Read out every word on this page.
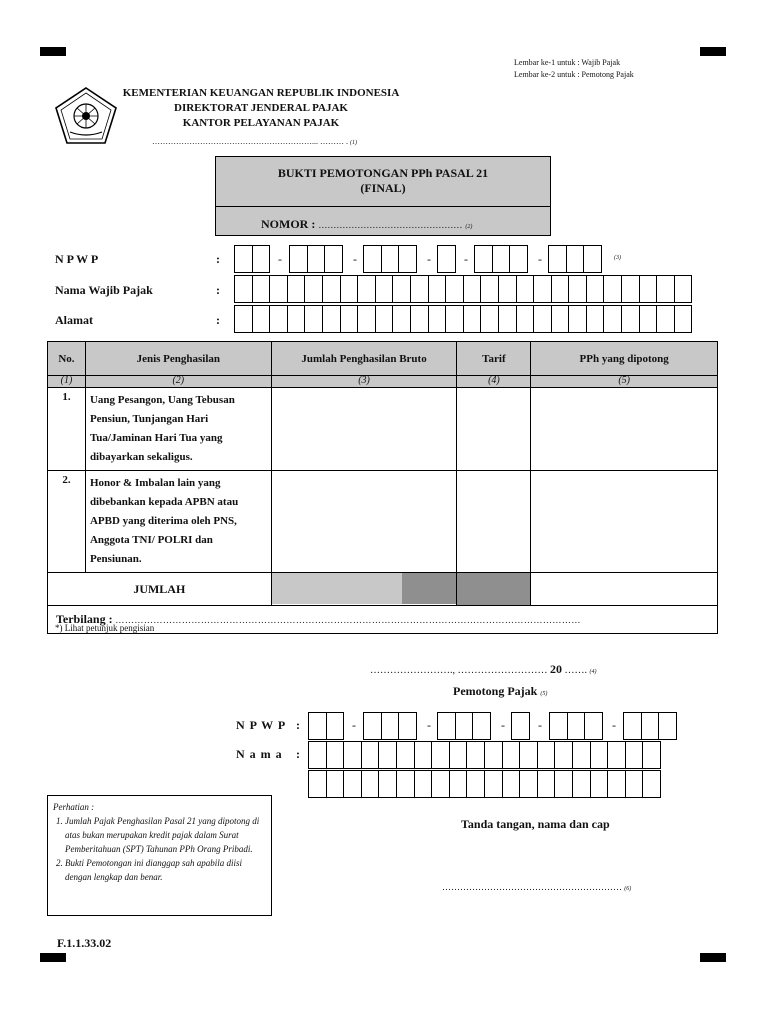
Lembar ke-1 untuk : Wajib Pajak
Lembar ke-2 untuk : Pemotong Pajak
KEMENTERIAN KEUANGAN REPUBLIK INDONESIA
DIREKTORAT JENDERAL PAJAK
KANTOR PELAYANAN PAJAK
……………………………………………………... ……… . (1)
BUKTI PEMOTONGAN PPh PASAL 21
(FINAL)
NOMOR : ………………………………………… (2)
N P W P	:	-	-	-	-	-	(3)
Nama Wajib Pajak	:
Alamat	:
No.	Jenis Penghasilan	Jumlah Penghasilan Bruto	Tarif	PPh yang dipotong
(1)	(2)	(3)	(4)	(5)
1.	Uang Pesangon, Uang Tebusan Pensiun, Tunjangan Hari Tua/Jaminan Hari Tua yang dibayarkan sekaligus.			
2.	Honor & Imbalan lain yang dibebankan kepada APBN atau APBD yang diterima oleh PNS, Anggota TNI/ POLRI dan Pensiunan.			
JUMLAH		

Terbilang : …………………………………………………………………………………………………………………………………				
*) Lihat petunjuk pengisian
……………………., ……………………… 20 ……. (4)
Pemotong Pajak (5)
N P W P :	-	-	-	-	-
N a m a :
Perhatian :
1. Jumlah Pajak Penghasilan Pasal 21 yang dipotong di atas bukan merupakan kredit pajak dalam Surat Pemberitahuan (SPT) Tahunan PPh Orang Pribadi.
2. Bukti Pemotongan ini dianggap sah apabila diisi dengan lengkap dan benar.
Tanda tangan, nama dan cap
…………………………………………………… (6)
F.1.1.33.02
